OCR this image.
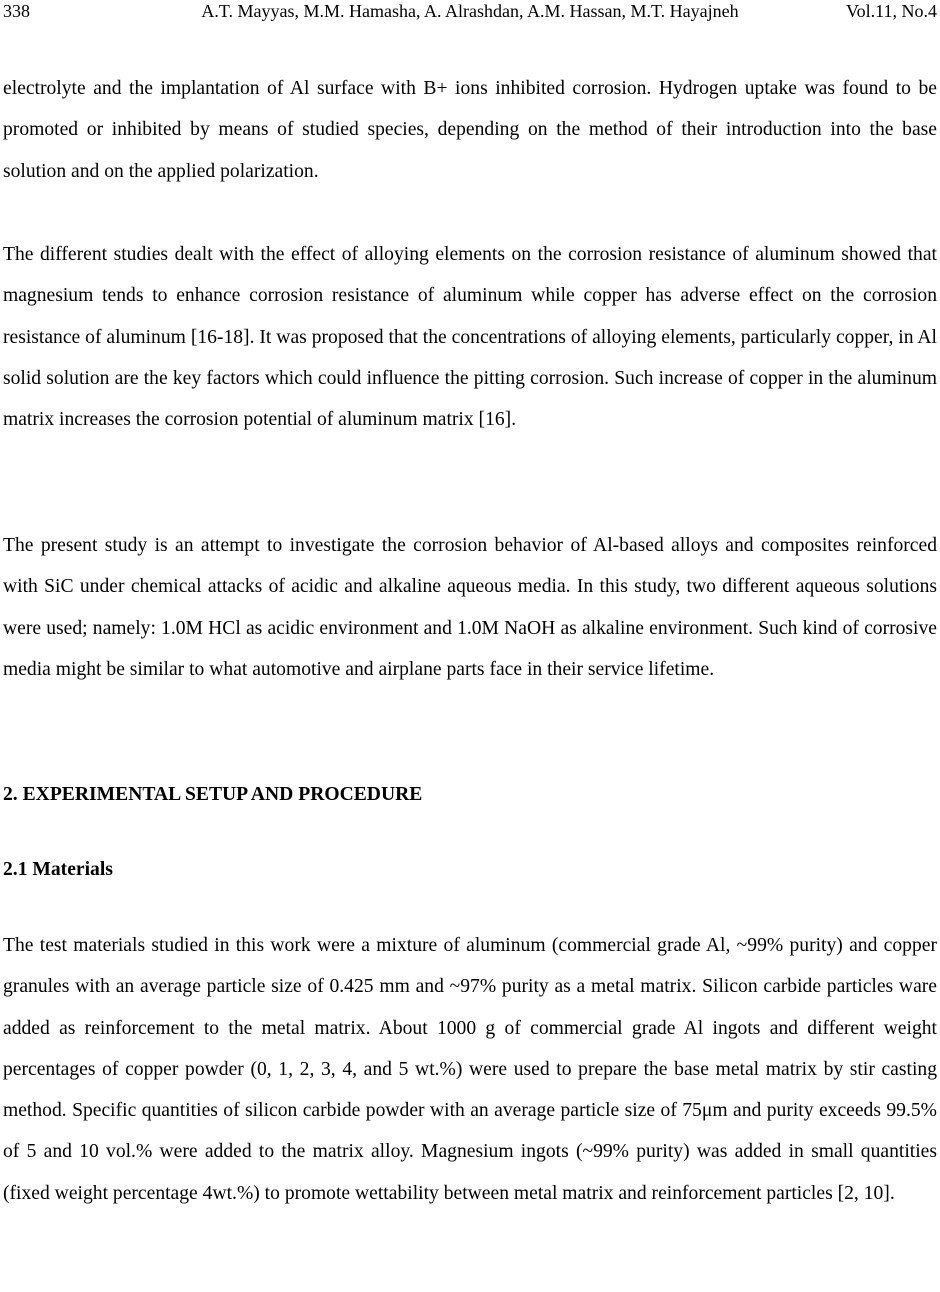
338	A.T. Mayyas, M.M. Hamasha, A. Alrashdan, A.M. Hassan, M.T. Hayajneh	Vol.11, No.4

electrolyte and the implantation of Al surface with B+ ions inhibited corrosion. Hydrogen uptake was found to be promoted or inhibited by means of studied species, depending on the method of their introduction into the base solution and on the applied polarization.

The different studies dealt with the effect of alloying elements on the corrosion resistance of aluminum showed that magnesium tends to enhance corrosion resistance of aluminum while copper has adverse effect on the corrosion resistance of aluminum [16-18]. It was proposed that the concentrations of alloying elements, particularly copper, in Al solid solution are the key factors which could influence the pitting corrosion. Such increase of copper in the aluminum matrix increases the corrosion potential of aluminum matrix [16].

The present study is an attempt to investigate the corrosion behavior of Al-based alloys and composites reinforced with SiC under chemical attacks of acidic and alkaline aqueous media. In this study, two different aqueous solutions were used; namely: 1.0M HCl as acidic environment and 1.0M NaOH as alkaline environment. Such kind of corrosive media might be similar to what automotive and airplane parts face in their service lifetime.

2. EXPERIMENTAL SETUP AND PROCEDURE
2.1 Materials

The test materials studied in this work were a mixture of aluminum (commercial grade Al, ~99% purity) and copper granules with an average particle size of 0.425 mm and ~97% purity as a metal matrix. Silicon carbide particles ware added as reinforcement to the metal matrix. About 1000 g of commercial grade Al ingots and different weight percentages of copper powder (0, 1, 2, 3, 4, and 5 wt.%) were used to prepare the base metal matrix by stir casting method. Specific quantities of silicon carbide powder with an average particle size of 75μm and purity exceeds 99.5% of 5 and 10 vol.% were added to the matrix alloy. Magnesium ingots (~99% purity) was added in small quantities (fixed weight percentage 4wt.%) to promote wettability between metal matrix and reinforcement particles [2, 10].
